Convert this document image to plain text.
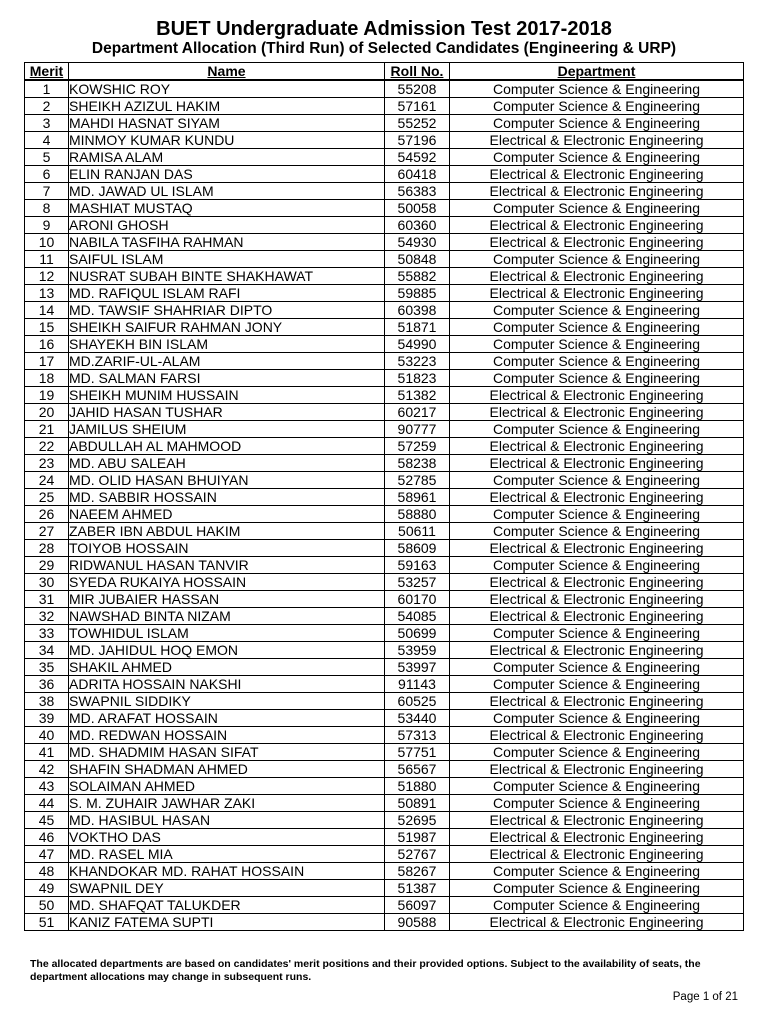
BUET Undergraduate Admission Test 2017-2018
Department Allocation (Third Run) of Selected Candidates (Engineering & URP)
Merit	Name	Roll No.	Department
1	KOWSHIC ROY	55208	Computer Science & Engineering
2	SHEIKH AZIZUL HAKIM	57161	Computer Science & Engineering
3	MAHDI HASNAT SIYAM	55252	Computer Science & Engineering
4	MINMOY KUMAR KUNDU	57196	Electrical & Electronic Engineering
5	RAMISA ALAM	54592	Computer Science & Engineering
6	ELIN RANJAN DAS	60418	Electrical & Electronic Engineering
7	MD. JAWAD UL ISLAM	56383	Electrical & Electronic Engineering
8	MASHIAT MUSTAQ	50058	Computer Science & Engineering
9	ARONI GHOSH	60360	Electrical & Electronic Engineering
10	NABILA TASFIHA RAHMAN	54930	Electrical & Electronic Engineering
11	SAIFUL ISLAM	50848	Computer Science & Engineering
12	NUSRAT SUBAH BINTE SHAKHAWAT	55882	Electrical & Electronic Engineering
13	MD. RAFIQUL ISLAM RAFI	59885	Electrical & Electronic Engineering
14	MD. TAWSIF SHAHRIAR DIPTO	60398	Computer Science & Engineering
15	SHEIKH SAIFUR RAHMAN JONY	51871	Computer Science & Engineering
16	SHAYEKH BIN ISLAM	54990	Computer Science & Engineering
17	MD.ZARIF-UL-ALAM	53223	Computer Science & Engineering
18	MD. SALMAN FARSI	51823	Computer Science & Engineering
19	SHEIKH MUNIM HUSSAIN	51382	Electrical & Electronic Engineering
20	JAHID HASAN TUSHAR	60217	Electrical & Electronic Engineering
21	JAMILUS SHEIUM	90777	Computer Science & Engineering
22	ABDULLAH AL MAHMOOD	57259	Electrical & Electronic Engineering
23	MD. ABU SALEAH	58238	Electrical & Electronic Engineering
24	MD. OLID HASAN BHUIYAN	52785	Computer Science & Engineering
25	MD. SABBIR HOSSAIN	58961	Electrical & Electronic Engineering
26	NAEEM AHMED	58880	Computer Science & Engineering
27	ZABER IBN ABDUL HAKIM	50611	Computer Science & Engineering
28	TOIYOB HOSSAIN	58609	Electrical & Electronic Engineering
29	RIDWANUL HASAN TANVIR	59163	Computer Science & Engineering
30	SYEDA RUKAIYA HOSSAIN	53257	Electrical & Electronic Engineering
31	MIR JUBAIER HASSAN	60170	Electrical & Electronic Engineering
32	NAWSHAD BINTA NIZAM	54085	Electrical & Electronic Engineering
33	TOWHIDUL ISLAM	50699	Computer Science & Engineering
34	MD. JAHIDUL HOQ EMON	53959	Electrical & Electronic Engineering
35	SHAKIL AHMED	53997	Computer Science & Engineering
36	ADRITA HOSSAIN NAKSHI	91143	Computer Science & Engineering
38	SWAPNIL SIDDIKY	60525	Electrical & Electronic Engineering
39	MD. ARAFAT HOSSAIN	53440	Computer Science & Engineering
40	MD. REDWAN HOSSAIN	57313	Electrical & Electronic Engineering
41	MD. SHADMIM HASAN SIFAT	57751	Computer Science & Engineering
42	SHAFIN SHADMAN AHMED	56567	Electrical & Electronic Engineering
43	SOLAIMAN AHMED	51880	Computer Science & Engineering
44	S. M. ZUHAIR JAWHAR ZAKI	50891	Computer Science & Engineering
45	MD. HASIBUL HASAN	52695	Electrical & Electronic Engineering
46	VOKTHO DAS	51987	Electrical & Electronic Engineering
47	MD. RASEL MIA	52767	Electrical & Electronic Engineering
48	KHANDOKAR MD. RAHAT HOSSAIN	58267	Computer Science & Engineering
49	SWAPNIL DEY	51387	Computer Science & Engineering
50	MD. SHAFQAT TALUKDER	56097	Computer Science & Engineering
51	KANIZ FATEMA SUPTI	90588	Electrical & Electronic Engineering

The allocated departments are based on candidates' merit positions and their provided options. Subject to the availability of seats, the department allocations may change in subsequent runs.

Page 1 of 21
